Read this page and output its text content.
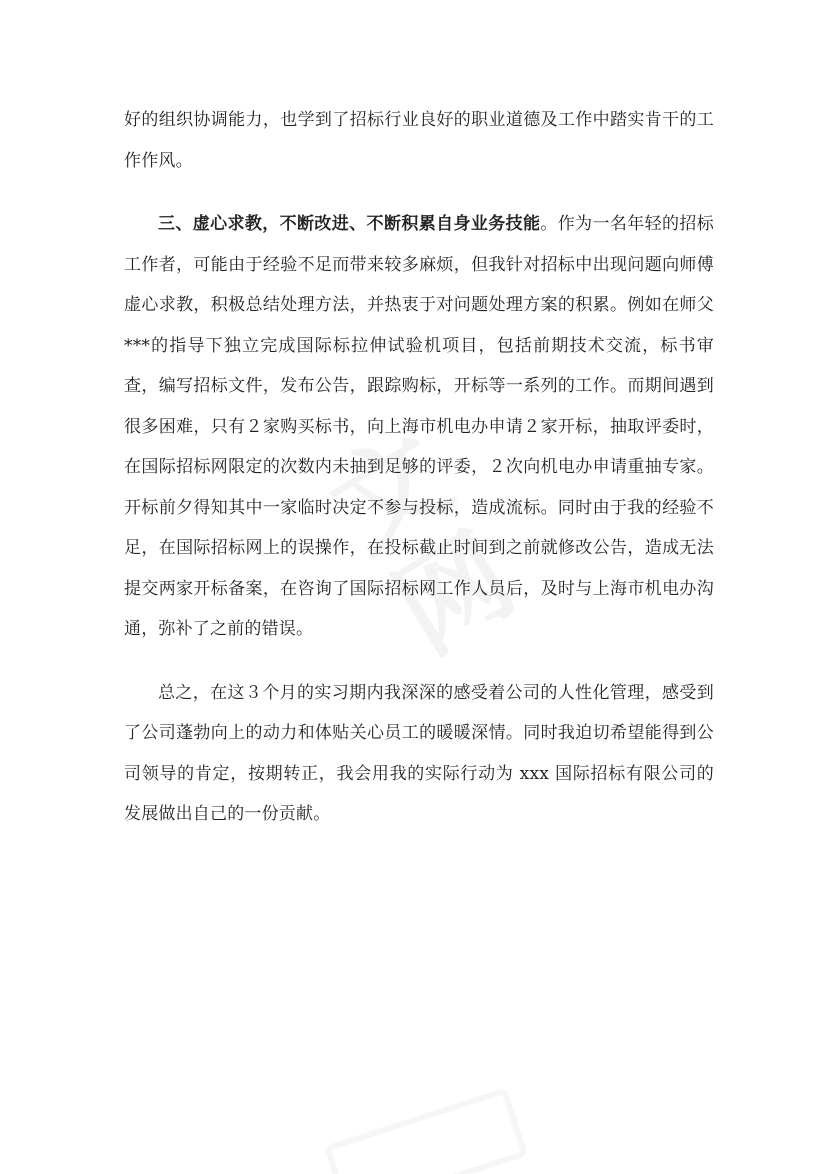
文
网

好的组织协调能力，也学到了招标行业良好的职业道德及工作中踏实肯干的工作作风。

三、虚心求教，不断改进、不断积累自身业务技能。作为一名年轻的招标工作者，可能由于经验不足而带来较多麻烦，但我针对招标中出现问题向师傅虚心求教，积极总结处理方法，并热衷于对问题处理方案的积累。例如在师父***的指导下独立完成国际标拉伸试验机项目，包括前期技术交流，标书审查，编写招标文件，发布公告，跟踪购标，开标等一系列的工作。而期间遇到很多困难，只有２家购买标书，向上海市机电办申请２家开标，抽取评委时，在国际招标网限定的次数内未抽到足够的评委，２次向机电办申请重抽专家。开标前夕得知其中一家临时决定不参与投标，造成流标。同时由于我的经验不足，在国际招标网上的误操作，在投标截止时间到之前就修改公告，造成无法提交两家开标备案，在咨询了国际招标网工作人员后，及时与上海市机电办沟通，弥补了之前的错误。

总之，在这３个月的实习期内我深深的感受着公司的人性化管理，感受到了公司蓬勃向上的动力和体贴关心员工的暖暖深情。同时我迫切希望能得到公司领导的肯定，按期转正，我会用我的实际行动为 xxx 国际招标有限公司的发展做出自己的一份贡献。
